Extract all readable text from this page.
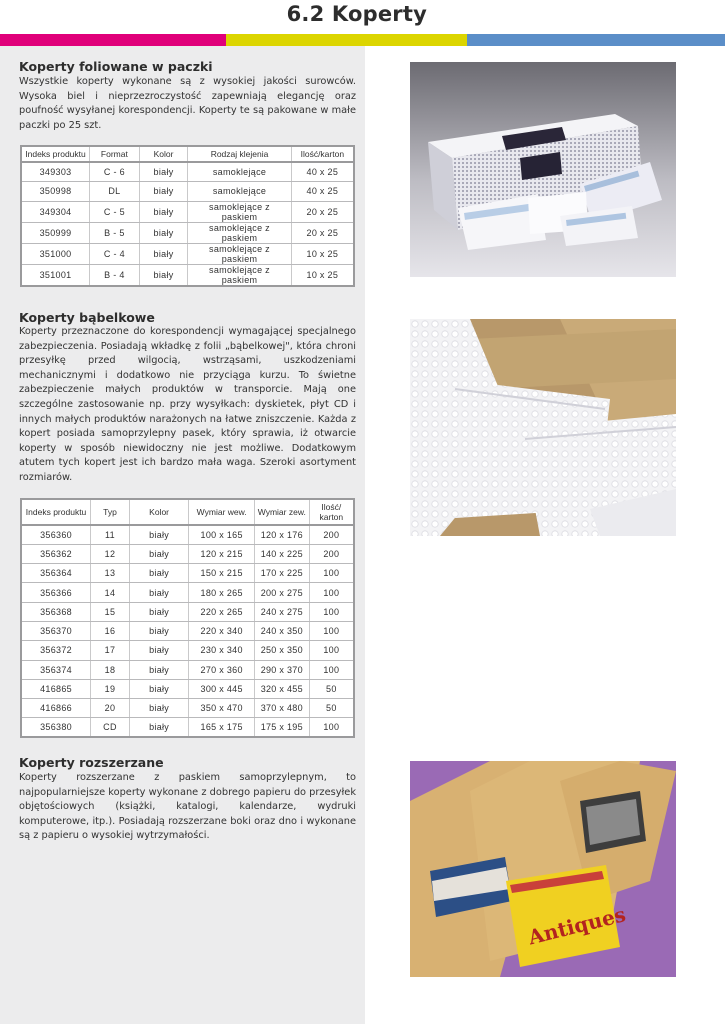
6.2 Koperty
Koperty foliowane w paczki
Wszystkie koperty wykonane są z wysokiej jakości surowców. Wysoka biel i nieprzezroczystość zapewniają elegancję oraz poufność wysyłanej korespondencji. Koperty te są pakowane w małe paczki po 25 szt.
Indeks produktu	Format	Kolor	Rodzaj klejenia	Ilość/karton
349303	C - 6	biały	samoklejące	40 x 25
350998	DL	biały	samoklejące	40 x 25
349304	C - 5	biały	samoklejące z paskiem	20 x 25
350999	B - 5	biały	samoklejące z paskiem	20 x 25
351000	C - 4	biały	samoklejące z paskiem	10 x 25
351001	B - 4	biały	samoklejące z paskiem	10 x 25
Koperty bąbelkowe
Koperty przeznaczone do korespondencji wymagającej specjalnego zabezpieczenia. Posiadają wkładkę z folii „bąbelkowej", która chroni przesyłkę przed wilgocią, wstrząsami, uszkodzeniami mechanicznymi i dodatkowo nie przyciąga kurzu. To świetne zabezpieczenie małych produktów w transporcie. Mają one szczególne zastosowanie np. przy wysyłkach: dyskietek, płyt CD i innych małych produktów narażonych na łatwe zniszczenie. Każda z kopert posiada samoprzylepny pasek, który sprawia, iż otwarcie koperty w sposób niewidoczny nie jest możliwe. Dodatkowym atutem tych kopert jest ich bardzo mała waga. Szeroki asortyment rozmiarów.
Indeks produktu	Typ	Kolor	Wymiar wew.	Wymiar zew.	Ilość/ karton
356360	11	biały	100 x 165	120 x 176	200
356362	12	biały	120 x 215	140 x 225	200
356364	13	biały	150 x 215	170 x 225	100
356366	14	biały	180 x 265	200 x 275	100
356368	15	biały	220 x 265	240 x 275	100
356370	16	biały	220 x 340	240 x 350	100
356372	17	biały	230 x 340	250 x 350	100
356374	18	biały	270 x 360	290 x 370	100
416865	19	biały	300 x 445	320 x 455	50
416866	20	biały	350 x 470	370 x 480	50
356380	CD	biały	165 x 175	175 x 195	100
Koperty rozszerzane
Koperty rozszerzane z paskiem samoprzylepnym, to najpopularniejsze koperty wykonane z dobrego papieru do przesyłek objętościowych (książki, katalogi, kalendarze, wydruki komputerowe, itp.). Posiadają rozszerzane boki oraz dno i wykonane są z papieru o wysokiej wytrzymałości.
Antiques
